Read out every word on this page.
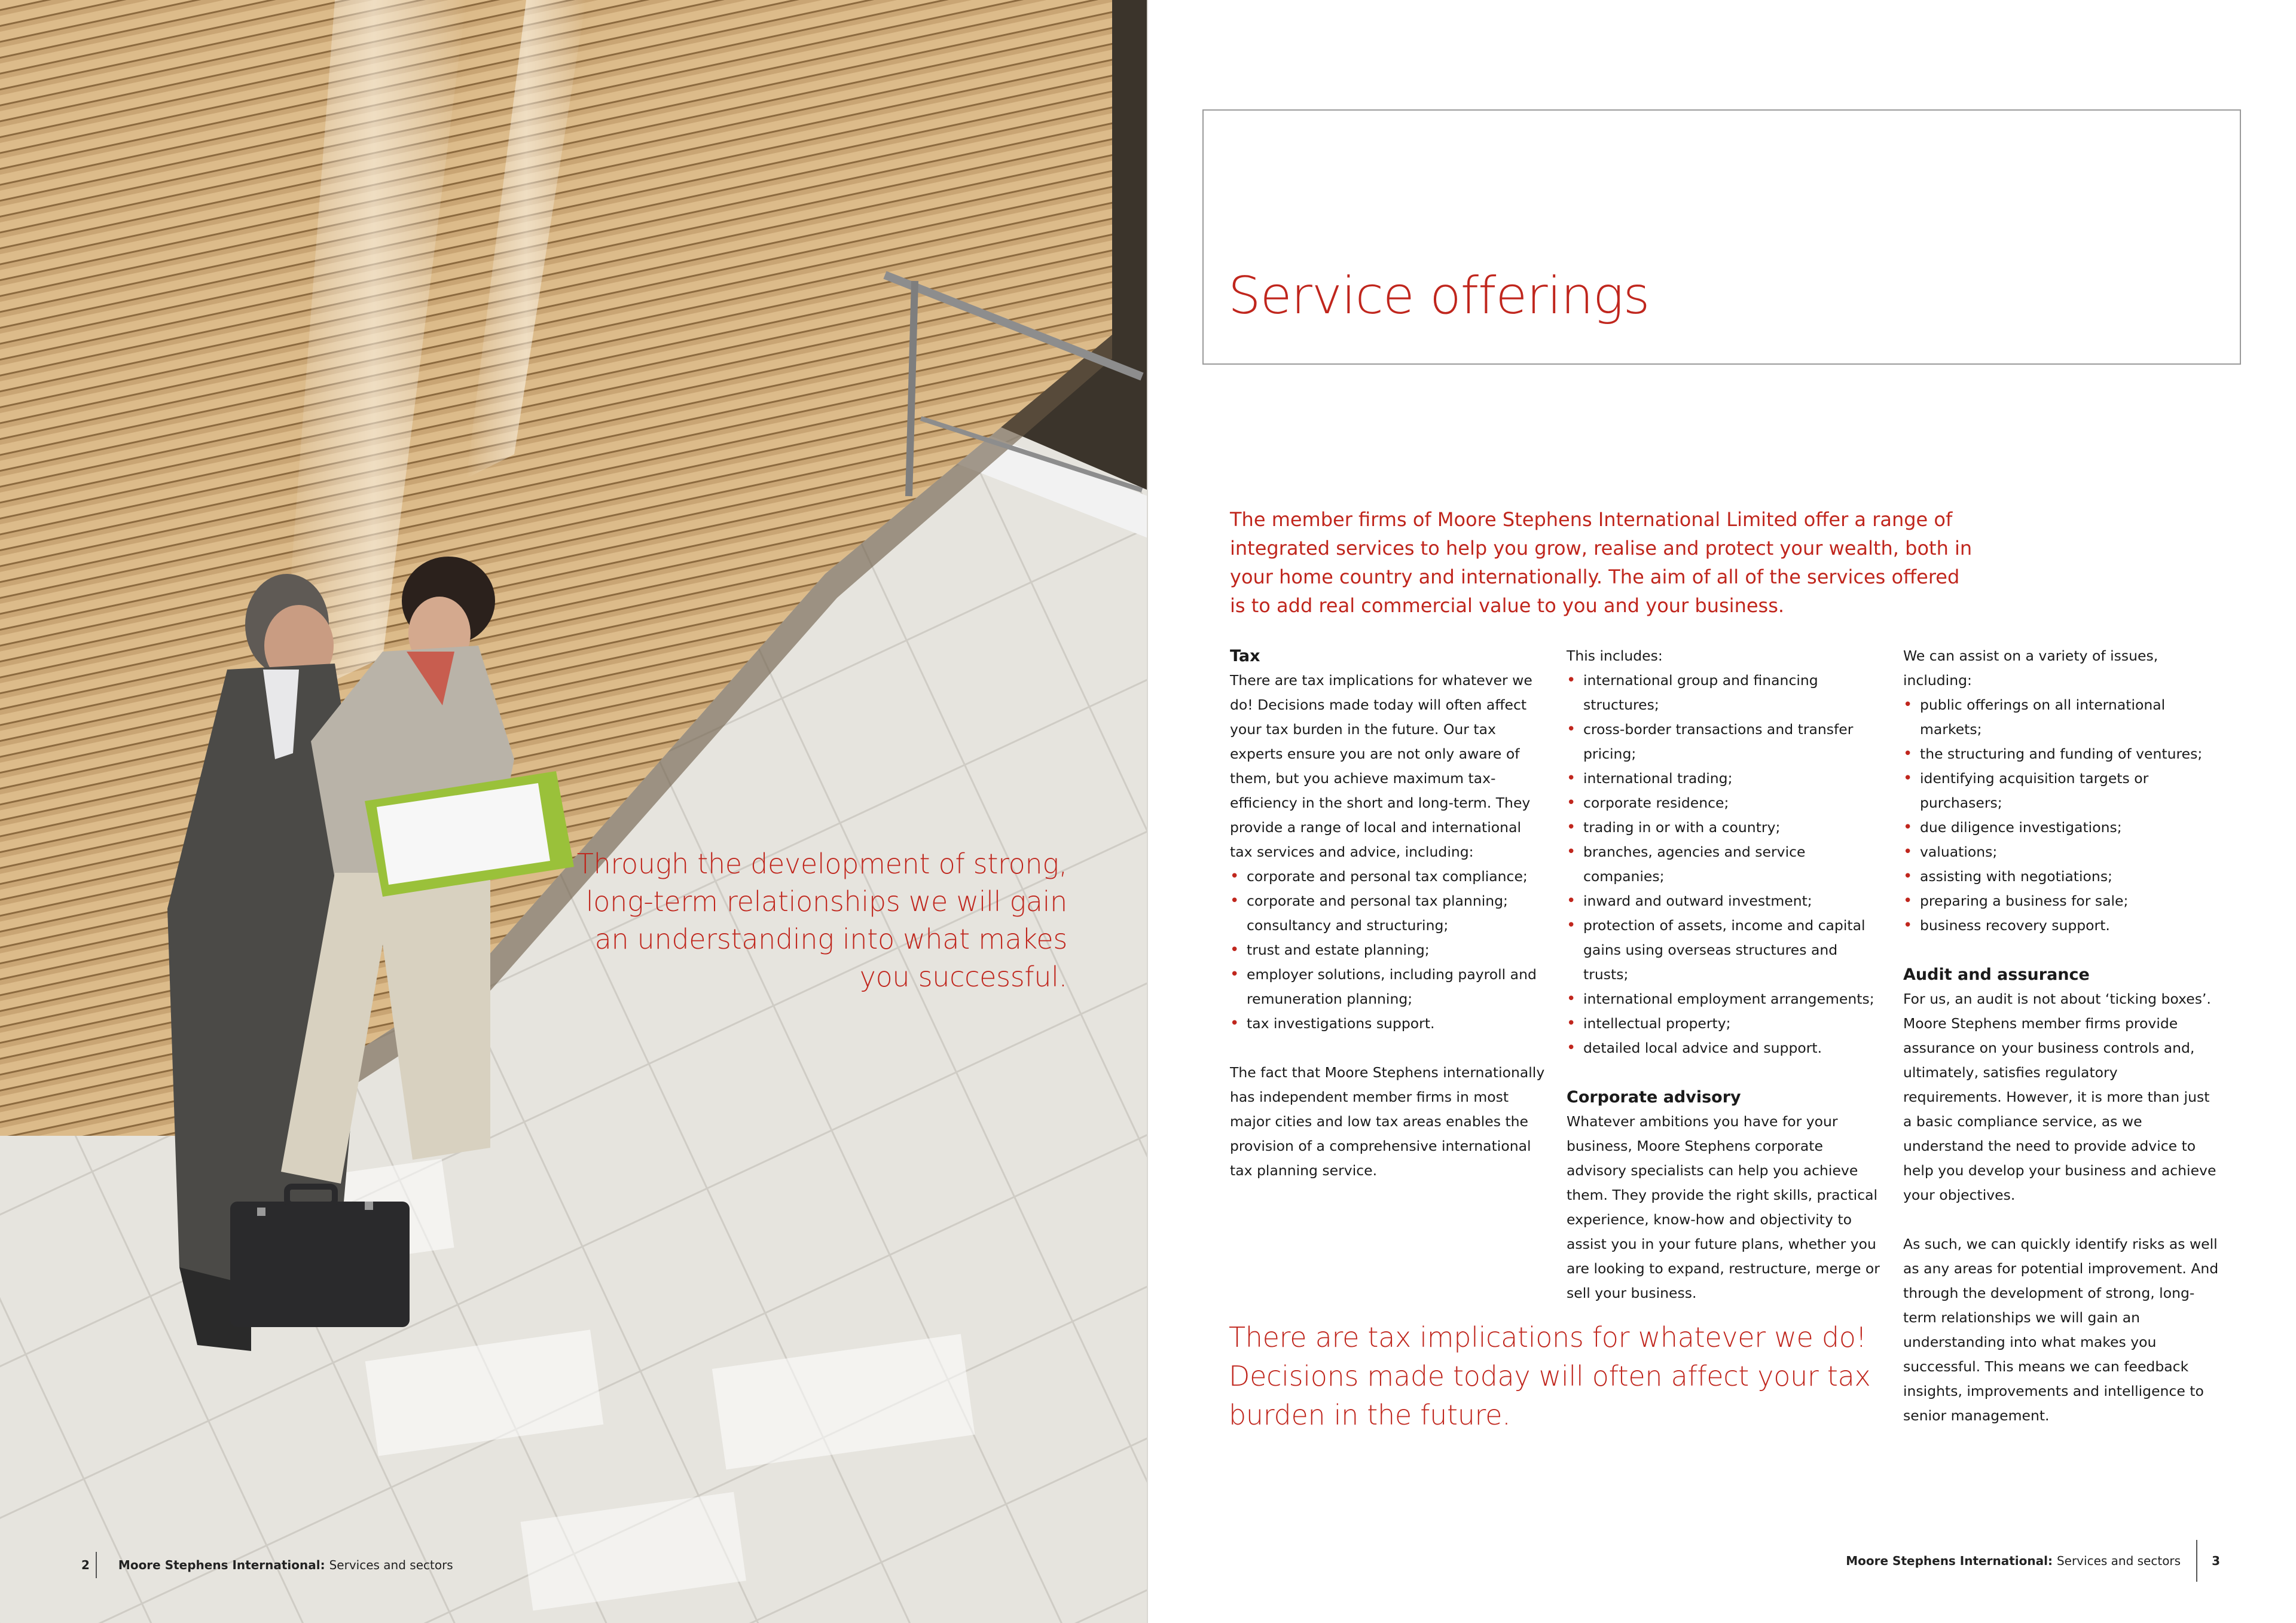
Through the development of strong, long-term relationships we will gain an understanding into what makes you successful.
2 Moore Stephens International: Services and sectors
Service offerings
The member firms of Moore Stephens International Limited offer a range of integrated services to help you grow, realise and protect your wealth, both in your home country and internationally. The aim of all of the services offered is to add real commercial value to you and your business.
Tax

There are tax implications for whatever we do! Decisions made today will often affect your tax burden in the future. Our tax experts ensure you are not only aware of them, but you achieve maximum tax-efficiency in the short and long-term. They provide a range of local and international tax services and advice, including:

• corporate and personal tax compliance;
• corporate and personal tax planning; consultancy and structuring;
• trust and estate planning;
• employer solutions, including payroll and remuneration planning;
• tax investigations support.

The fact that Moore Stephens internationally has independent member firms in most major cities and low tax areas enables the provision of a comprehensive international tax planning service.

This includes:

• international group and financing structures;
• cross-border transactions and transfer pricing;
• international trading;
• corporate residence;
• trading in or with a country;
• branches, agencies and service companies;
• inward and outward investment;
• protection of assets, income and capital gains using overseas structures and trusts;
• international employment arrangements;
• intellectual property;
• detailed local advice and support.
Corporate advisory

Whatever ambitions you have for your business, Moore Stephens corporate advisory specialists can help you achieve them. They provide the right skills, practical experience, know-how and objectivity to assist you in your future plans, whether you are looking to expand, restructure, merge or sell your business.

We can assist on a variety of issues, including:

• public offerings on all international markets;
• the structuring and funding of ventures;
• identifying acquisition targets or purchasers;
• due diligence investigations;
• valuations;
• assisting with negotiations;
• preparing a business for sale;
• business recovery support.
Audit and assurance

For us, an audit is not about ‘ticking boxes’. Moore Stephens member firms provide assurance on your business controls and, ultimately, satisfies regulatory requirements. However, it is more than just a basic compliance service, as we understand the need to provide advice to help you develop your business and achieve your objectives.

As such, we can quickly identify risks as well as any areas for potential improvement. And through the development of strong, long-term relationships we will gain an understanding into what makes you successful. This means we can feedback insights, improvements and intelligence to senior management.

There are tax implications for whatever we do! Decisions made today will often affect your tax burden in the future.
Moore Stephens International: Services and sectors	3
